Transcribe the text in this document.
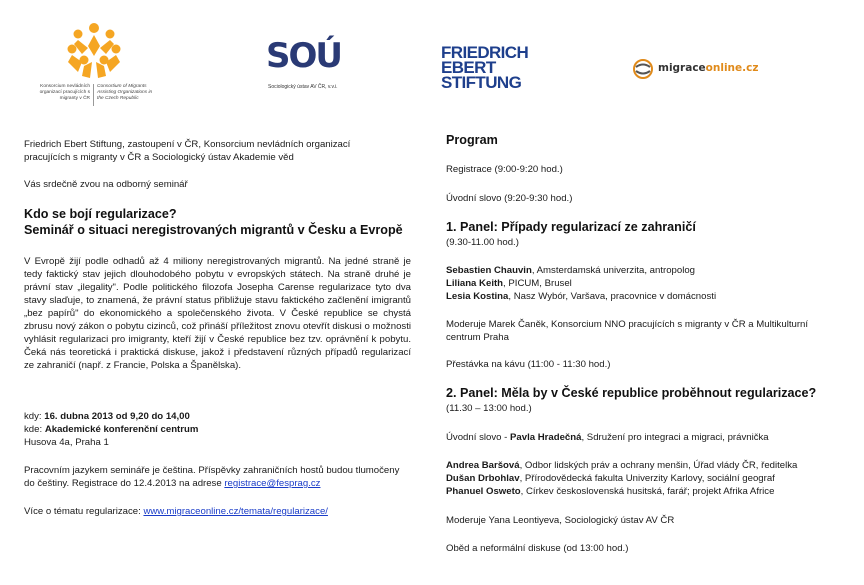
Konsorcium nevládních organizací pracujících s migranty v ČR
Consortium of Migrants Assisting Organizations in the Czech Republic
SOÚ
Sociologický ústav AV ČR, v.v.i.
FRIEDRICH
EBERT
STIFTUNG
migraceonline.cz
Friedrich Ebert Stiftung, zastoupení v ČR, Konsorcium nevládních organizací pracujících s migranty v ČR a Sociologický ústav Akademie věd
Vás srdečně zvou na odborný seminář
Kdo se bojí regularizace?
Seminář o situaci neregistrovaných migrantů v Česku a Evropě
V Evropě žijí podle odhadů až 4 miliony neregistrovaných migrantů. Na jedné straně je tedy faktický stav jejich dlouhodobého pobytu v evropských státech. Na straně druhé je právní stav „ilegality". Podle politického filozofa Josepha Carense regularizace tyto dva stavy slaďuje, to znamená, že právní status přibližuje stavu faktického začlenění imigrantů „bez papírů" do ekonomického a společenského života. V České republice se chystá zbrusu nový zákon o pobytu cizinců, což přináší příležitost znovu otevřít diskusi o možnosti vyhlásit regularizaci pro imigranty, kteří žijí v České republice bez tzv. oprávnění k pobytu. Čeká nás teoretická i praktická diskuse, jakož i představení různých případů regularizací ze zahraničí (např. z Francie, Polska a Španělska).
kdy: 16. dubna 2013 od 9,20 do 14,00
kde: Akademické konferenční centrum
Husova 4a, Praha 1
Pracovním jazykem semináře je čeština. Příspěvky zahraničních hostů budou tlumočeny do češtiny. Registrace do 12.4.2013 na adrese registrace@fesprag.cz
Více o tématu regularizace: www.migraceonline.cz/temata/regularizace/
Program
Registrace (9:00-9:20 hod.)
Úvodní slovo (9:20-9:30 hod.)
1. Panel: Případy regularizací ze zahraničí
(9.30-11.00 hod.)
Sebastien Chauvin, Amsterdamská univerzita, antropolog
Liliana Keith, PICUM, Brusel
Lesia Kostina, Nasz Wybór, Varšava, pracovnice v domácnosti
Moderuje Marek Čaněk, Konsorcium NNO pracujících s migranty v ČR a Multikulturní centrum Praha
Přestávka na kávu (11:00 - 11:30 hod.)
2. Panel: Měla by v České republice proběhnout regularizace?
(11.30 – 13:00 hod.)
Úvodní slovo - Pavla Hradečná, Sdružení pro integraci a migraci, právnička
Andrea Baršová, Odbor lidských práv a ochrany menšin, Úřad vlády ČR, ředitelka
Dušan Drbohlav, Přírodovědecká fakulta Univerzity Karlovy, sociální geograf
Phanuel Osweto, Církev československá husitská, farář; projekt Afrika Africe
Moderuje Yana Leontiyeva, Sociologický ústav AV ČR
Oběd a neformální diskuse (od 13:00 hod.)
